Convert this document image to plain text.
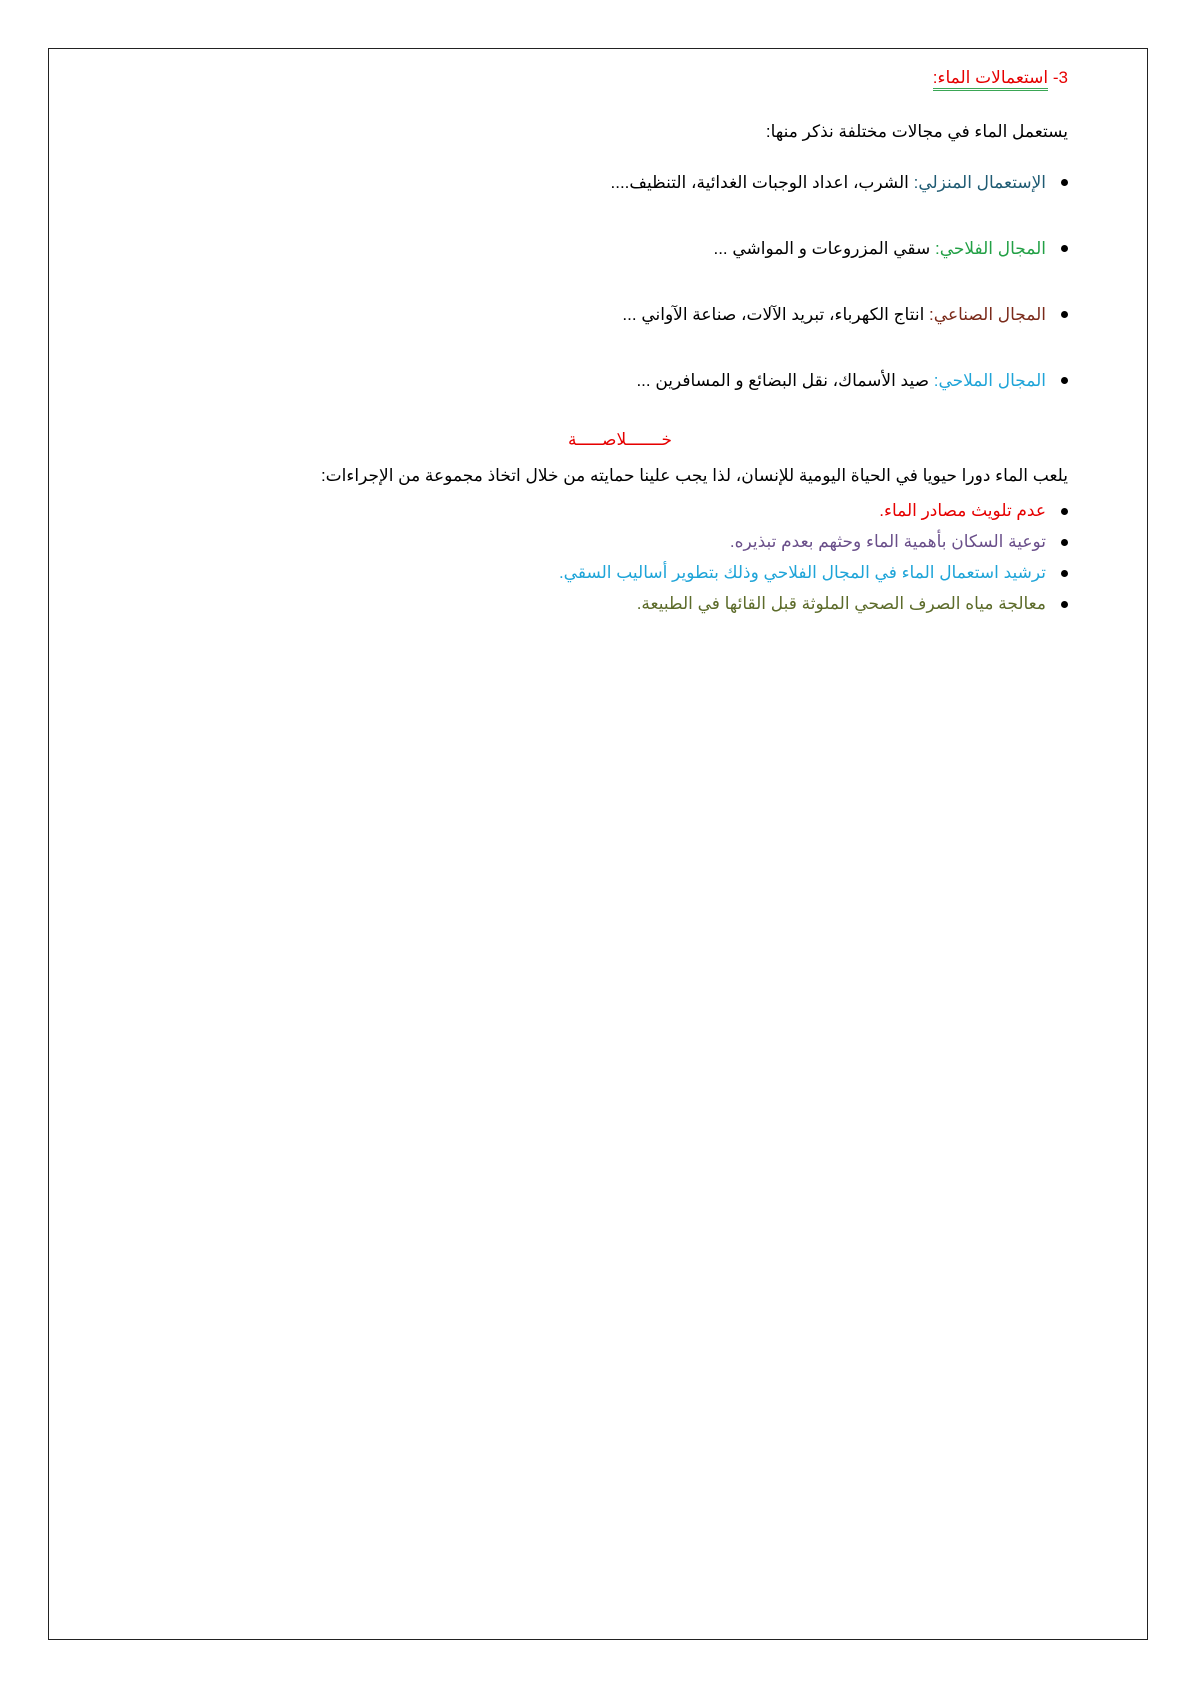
3- استعمالات الماء:
يستعمل الماء في مجالات مختلفة نذكر منها:
الإستعمال المنزلي: الشرب، اعداد الوجبات الغدائية، التنظيف....
المجال الفلاحي: سقي المزروعات و المواشي ...
المجال الصناعي: انتاج الكهرباء، تبريد الآلات، صناعة الآواني ...
المجال الملاحي: صيد الأسماك، نقل البضائع و المسافرين ...
خـــــــلاصـــــة
يلعب الماء دورا حيويا في الحياة اليومية للإنسان، لذا يجب علينا حمايته من خلال اتخاذ مجموعة من الإجراءات:
عدم تلويث مصادر الماء.
توعية السكان بأهمية الماء وحثهم بعدم تبذيره.
ترشيد استعمال الماء في المجال الفلاحي وذلك بتطوير أساليب السقي.
معالجة مياه الصرف الصحي الملوثة قبل القائها في الطبيعة.
